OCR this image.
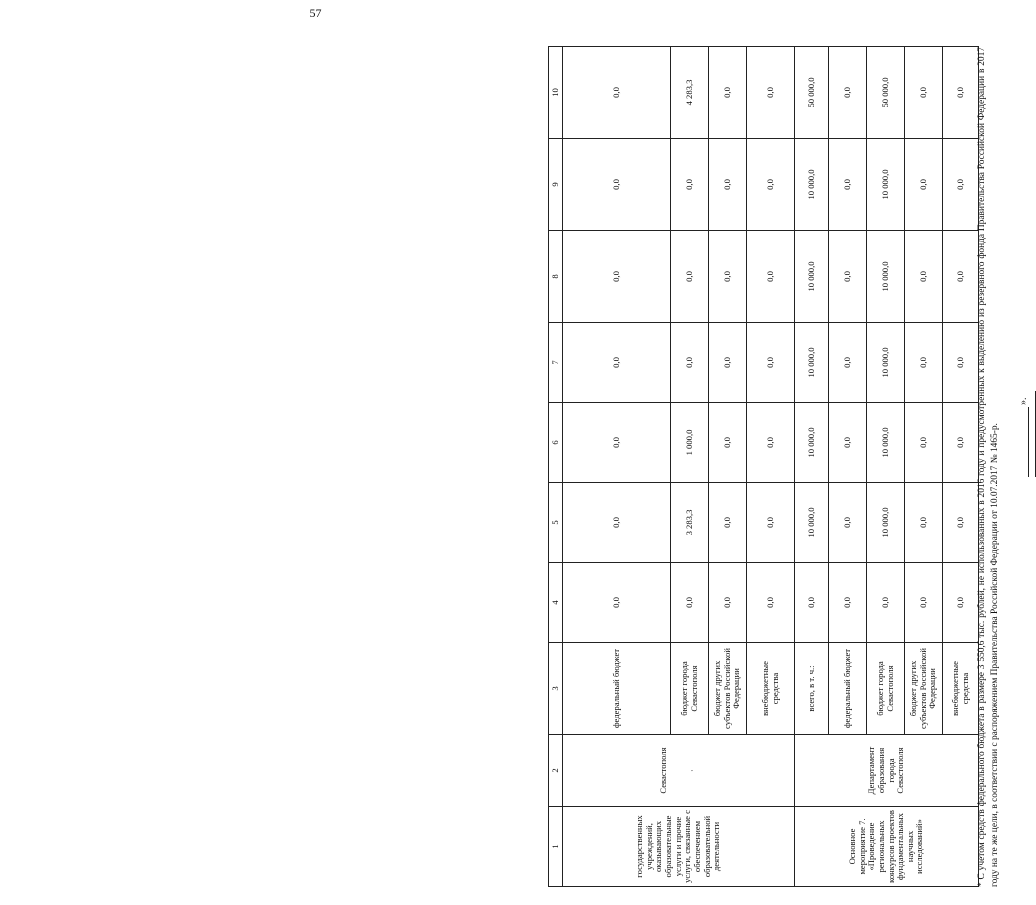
57
1	2	3	4	5	6	7	8	9	10
государственных учреждений, оказывающих образовательные услуги и прочие услуги, связанные с обеспечением образовательной деятельности	Севастополя ·	федеральный бюджет	0,0	0,0	0,0	0,0	0,0	0,0	0,0
		бюджет города Севастополя	0,0	3 283,3	1 000,0	0,0	0,0	0,0	4 283,3
		бюджет других субъектов Российской Федерации	0,0	0,0	0,0	0,0	0,0	0,0	0,0
		внебюджетные средства	0,0	0,0	0,0	0,0	0,0	0,0	0,0
Основное мероприятие 7. «Проведение региональных конкурсов проектов фундаментальных научных исследований»	Департамент образования города Севастополя	всего, в т. ч.:	0,0	10 000,0	10 000,0	10 000,0	10 000,0	10 000,0	50 000,0
		федеральный бюджет	0,0	0,0	0,0	0,0	0,0	0,0	0,0
		бюджет города Севастополя	0,0	10 000,0	10 000,0	10 000,0	10 000,0	10 000,0	50 000,0
		бюджет других субъектов Российской Федерации	0,0	0,0	0,0	0,0	0,0	0,0	0,0
		внебюджетные средства	0,0	0,0	0,0	0,0	0,0	0,0	0,0 * С учетом средств федерального бюджета в размере 3 550,6 тыс. рублей, не использованных в 2016 году и предусмотренных к выделению из резервного фонда Правительства Российской Федерации в 2017 году на те же цели, в соответствии с распоряжением Правительства Российской Федерации от 10.07.2017 № 1465-р.
».
